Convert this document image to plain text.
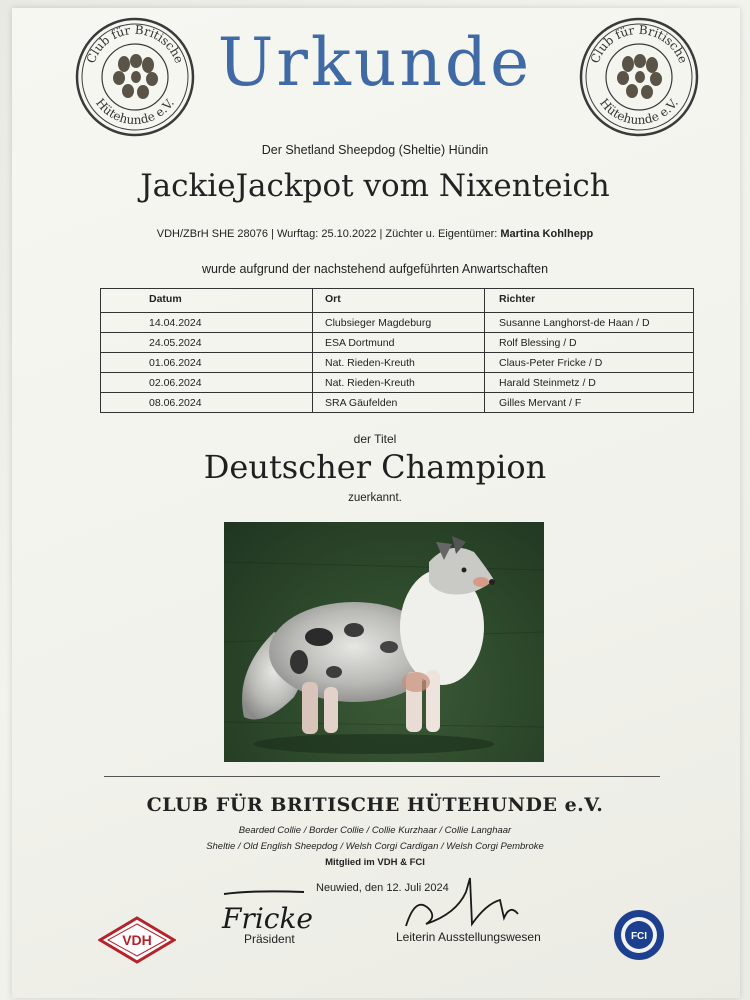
Club für Britische
Hütehunde e.V.
Club für Britische
Hütehunde e.V.
Urkunde
Der Shetland Sheepdog (Sheltie) Hündin
JackieJackpot vom Nixenteich
VDH/ZBrH SHE 28076 | Wurftag: 25.10.2022 | Züchter u. Eigentümer: Martina Kohlhepp
wurde aufgrund der nachstehend aufgeführten Anwartschaften
Datum	Ort	Richter
14.04.2024	Clubsieger Magdeburg	Susanne Langhorst-de Haan / D
24.05.2024	ESA Dortmund	Rolf Blessing / D
01.06.2024	Nat. Rieden-Kreuth	Claus-Peter Fricke / D
02.06.2024	Nat. Rieden-Kreuth	Harald Steinmetz / D
08.06.2024	SRA Gäufelden	Gilles Mervant / F
der Titel
Deutscher Champion
zuerkannt.
CLUB FÜR BRITISCHE HÜTEHUNDE e.V.
Bearded Collie / Border Collie / Collie Kurzhaar / Collie Langhaar
Sheltie / Old English Sheepdog / Welsh Corgi Cardigan / Welsh Corgi Pembroke
Mitglied im VDH & FCI
Neuwied, den 12. Juli 2024
Fricke
Präsident	Leiterin Ausstellungswesen
VDH	FCI
